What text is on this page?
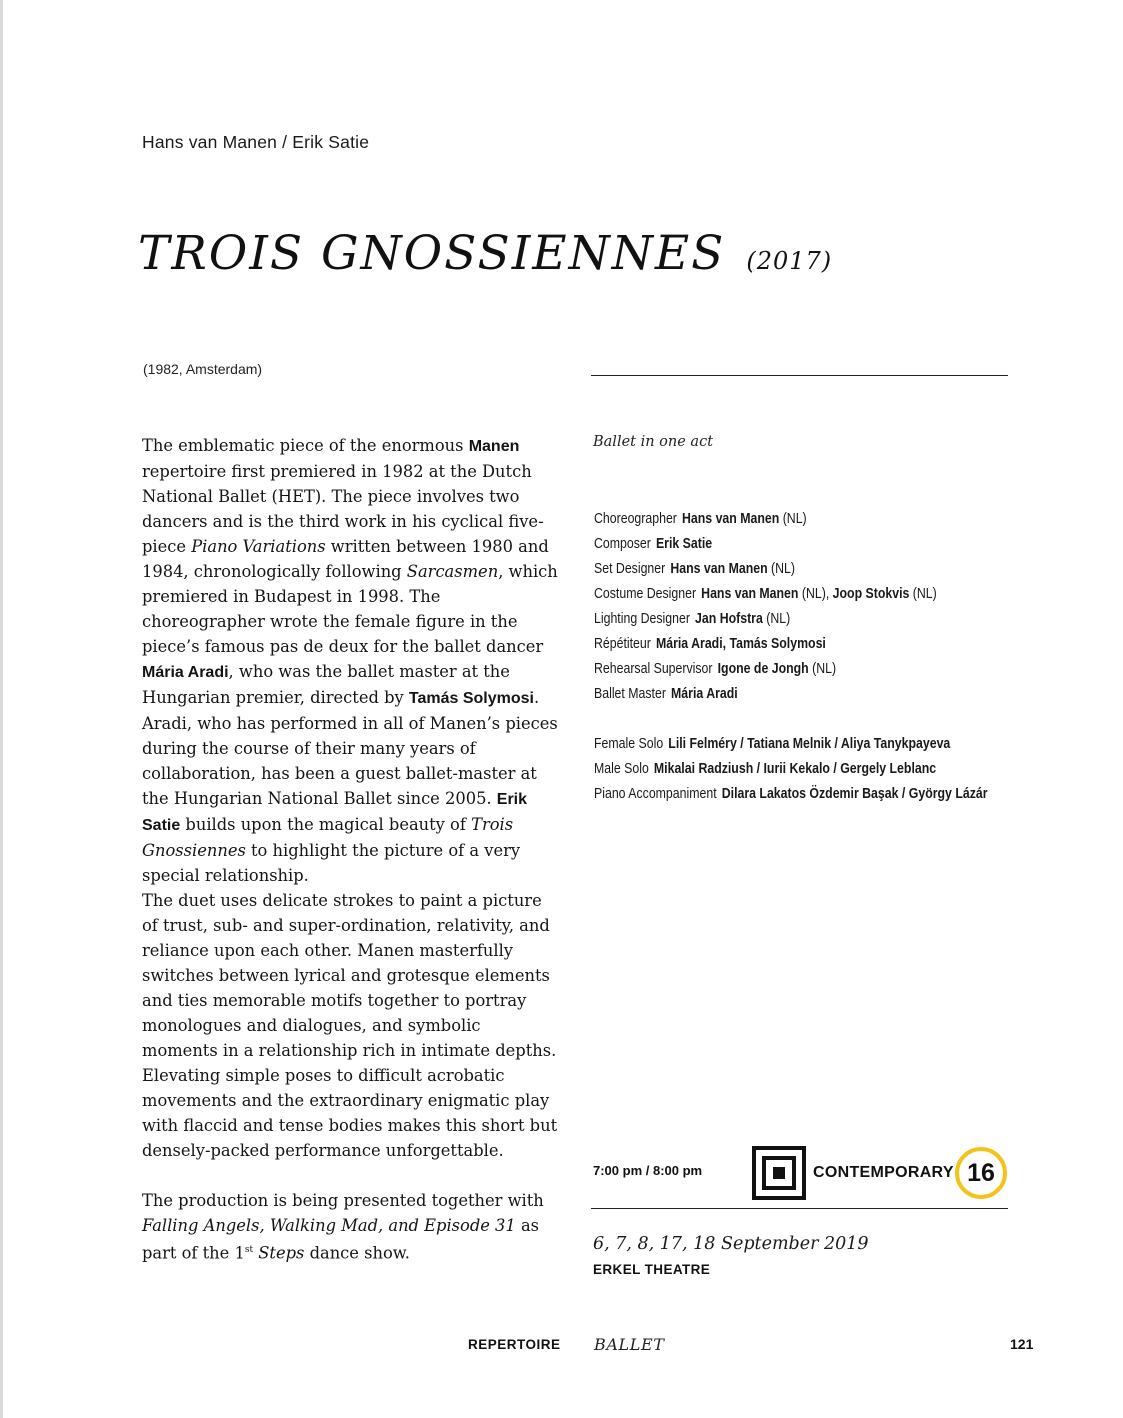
Hans van Manen / Erik Satie
TROIS GNOSSIENNES (2017)
(1982, Amsterdam)

The emblematic piece of the enormous Manen repertoire first premiered in 1982 at the Dutch National Ballet (HET). The piece involves two dancers and is the third work in his cyclical five-piece Piano Variations written between 1980 and 1984, chronologically following Sarcasmen, which premiered in Budapest in 1998. The choreographer wrote the female figure in the piece’s famous pas de deux for the ballet dancer Mária Aradi, who was the ballet master at the Hungarian premier, directed by Tamás Solymosi. Aradi, who has performed in all of Manen’s pieces during the course of their many years of collaboration, has been a guest ballet-master at the Hungarian National Ballet since 2005. Erik Satie builds upon the magical beauty of Trois Gnossiennes to highlight the picture of a very special relationship.

The duet uses delicate strokes to paint a picture of trust, sub- and super-ordination, relativity, and reliance upon each other. Manen masterfully switches between lyrical and grotesque elements and ties memorable motifs together to portray monologues and dialogues, and symbolic moments in a relationship rich in intimate depths. Elevating simple poses to difficult acrobatic movements and the extraordinary enigmatic play with flaccid and tense bodies makes this short but densely-packed performance unforgettable.

The production is being presented together with Falling Angels, Walking Mad, and Episode 31 as part of the 1st Steps dance show.

Ballet in one act
Choreographer Hans van Manen (NL)
Composer Erik Satie
Set Designer Hans van Manen (NL)
Costume Designer Hans van Manen (NL), Joop Stokvis (NL)
Lighting Designer Jan Hofstra (NL)
Répétiteur Mária Aradi, Tamás Solymosi
Rehearsal Supervisor Igone de Jongh (NL)
Ballet Master Mária Aradi
Female Solo Lili Felméry / Tatiana Melnik / Aliya Tanykpayeva
Male Solo Mikalai Radziush / Iurii Kekalo / Gergely Leblanc
Piano Accompaniment Dilara Lakatos Özdemir Başak / György Lázár
7:00 pm / 8:00 pm	CONTEMPORARY 16
6, 7, 8, 17, 18 September 2019
ERKEL THEATRE
REPERTOIRE BALLET	121
